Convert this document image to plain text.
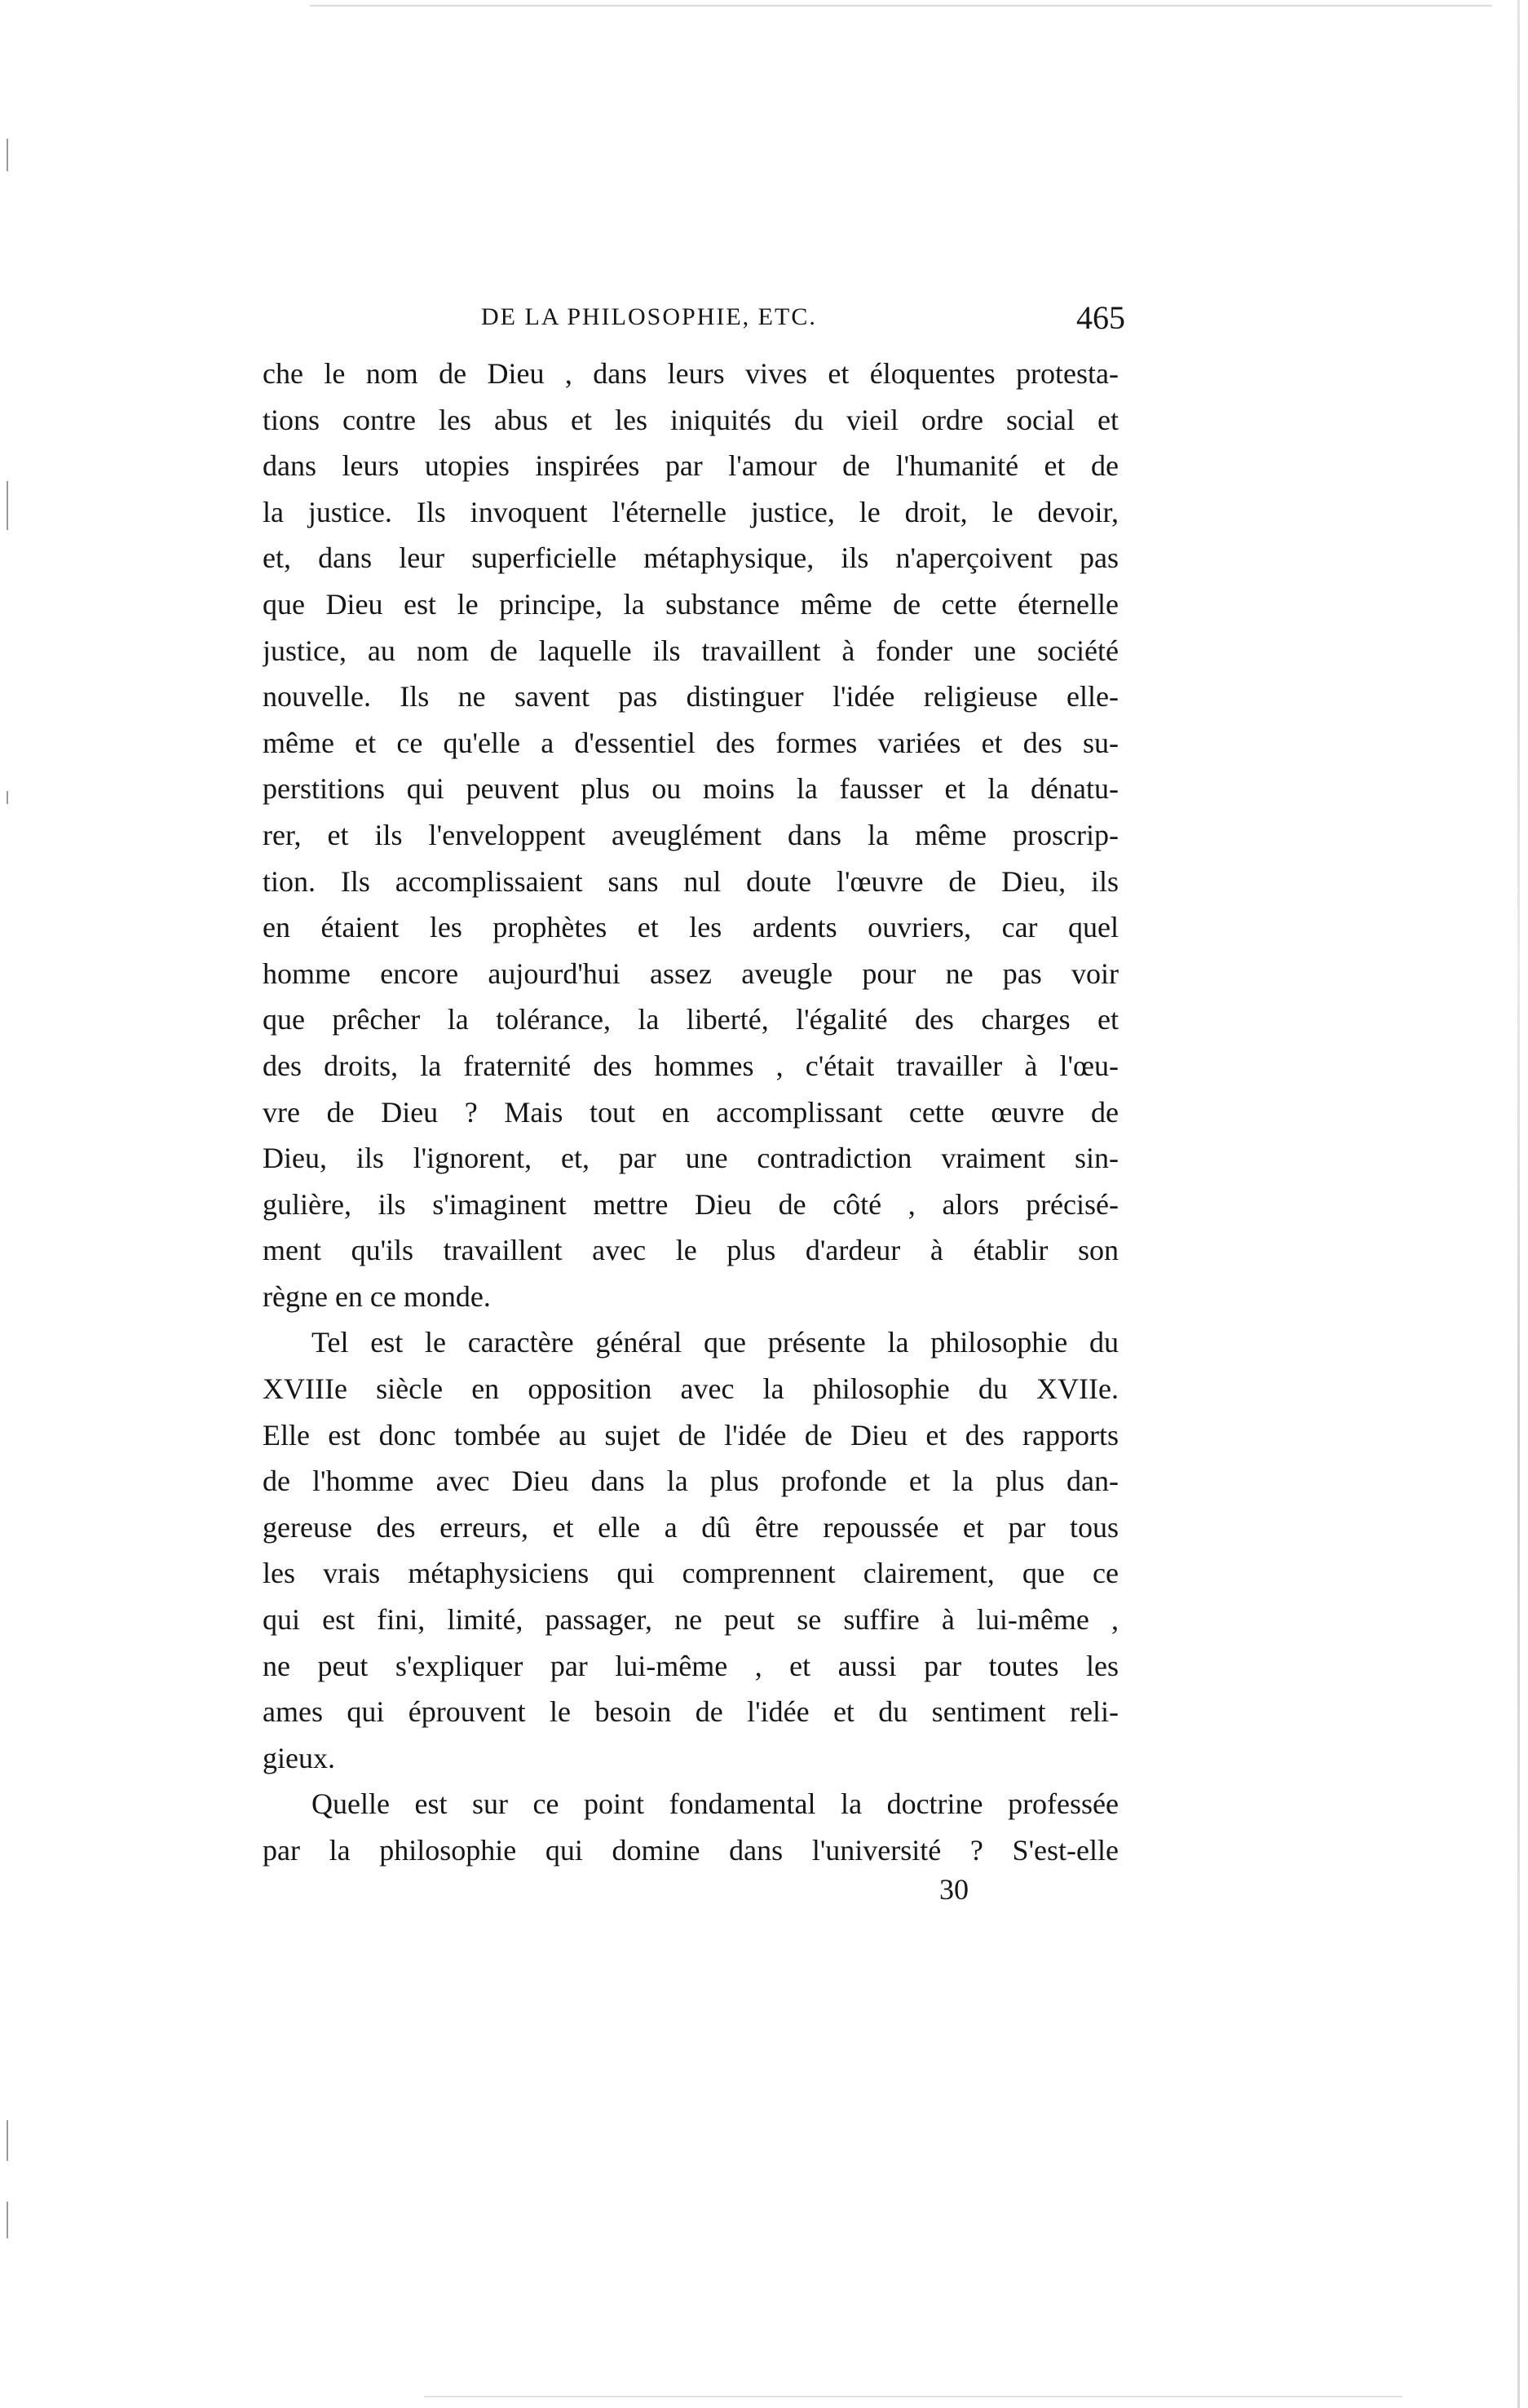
DE LA PHILOSOPHIE, ETC.	465
che le nom de Dieu , dans leurs vives et éloquentes protesta-
tions contre les abus et les iniquités du vieil ordre social et
dans leurs utopies inspirées par l'amour de l'humanité et de
la justice. Ils invoquent l'éternelle justice, le droit, le devoir,
et, dans leur superficielle métaphysique, ils n'aperçoivent pas
que Dieu est le principe, la substance même de cette éternelle
justice, au nom de laquelle ils travaillent à fonder une société
nouvelle. Ils ne savent pas distinguer l'idée religieuse elle-
même et ce qu'elle a d'essentiel des formes variées et des su-
perstitions qui peuvent plus ou moins la fausser et la dénatu-
rer, et ils l'enveloppent aveuglément dans la même proscrip-
tion. Ils accomplissaient sans nul doute l'œuvre de Dieu, ils
en étaient les prophètes et les ardents ouvriers, car quel
homme encore aujourd'hui assez aveugle pour ne pas voir
que prêcher la tolérance, la liberté, l'égalité des charges et
des droits, la fraternité des hommes , c'était travailler à l'œu-
vre de Dieu ? Mais tout en accomplissant cette œuvre de
Dieu, ils l'ignorent, et, par une contradiction vraiment sin-
gulière, ils s'imaginent mettre Dieu de côté , alors précisé-
ment qu'ils travaillent avec le plus d'ardeur à établir son
règne en ce monde.
Tel est le caractère général que présente la philosophie du
XVIIIe siècle en opposition avec la philosophie du XVIIe.
Elle est donc tombée au sujet de l'idée de Dieu et des rapports
de l'homme avec Dieu dans la plus profonde et la plus dan-
gereuse des erreurs, et elle a dû être repoussée et par tous
les vrais métaphysiciens qui comprennent clairement, que ce
qui est fini, limité, passager, ne peut se suffire à lui-même ,
ne peut s'expliquer par lui-même , et aussi par toutes les
ames qui éprouvent le besoin de l'idée et du sentiment reli-
gieux.
Quelle est sur ce point fondamental la doctrine professée
par la philosophie qui domine dans l'université ? S'est-elle
30
